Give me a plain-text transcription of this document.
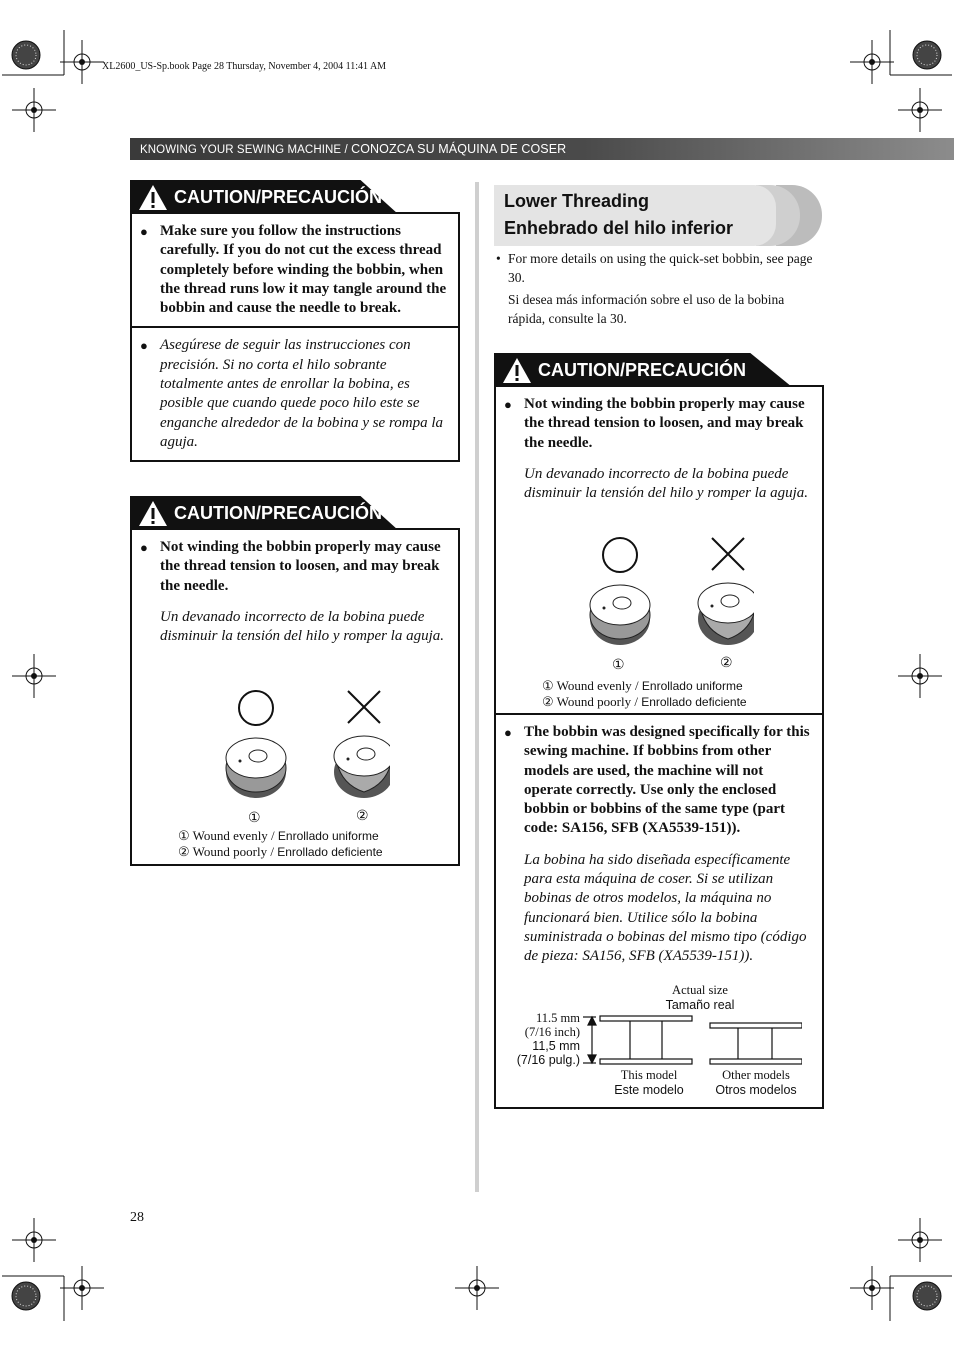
XL2600_US-Sp.book Page 28 Thursday, November 4, 2004 11:41 AM
KNOWING YOUR SEWING MACHINE / CONOZCA SU MÁQUINA DE COSER
CAUTION/PRECAUCIÓN
● Make sure you follow the instructions carefully. If you do not cut the excess thread completely before winding the bobbin, when the thread runs low it may tangle around the bobbin and cause the needle to break.
● Asegúrese de seguir las instrucciones con precisión. Si no corta el hilo sobrante totalmente antes de enrollar la bobina, es posible que cuando quede poco hilo este se enganche alrededor de la bobina y se rompa la aguja.
CAUTION/PRECAUCIÓN
● Not winding the bobbin properly may cause the thread tension to loosen, and may break the needle.
Un devanado incorrecto de la bobina puede disminuir la tensión del hilo y romper la aguja.
①	②
① Wound evenly / Enrollado uniforme
② Wound poorly / Enrollado deficiente
Lower Threading
Enhebrado del hilo inferior
• For more details on using the quick-set bobbin, see page 30.
Si desea más información sobre el uso de la bobina rápida, consulte la 30.
CAUTION/PRECAUCIÓN
● Not winding the bobbin properly may cause the thread tension to loosen, and may break the needle.
Un devanado incorrecto de la bobina puede disminuir la tensión del hilo y romper la aguja.
①	②
① Wound evenly / Enrollado uniforme
② Wound poorly / Enrollado deficiente
● The bobbin was designed specifically for this sewing machine. If bobbins from other models are used, the machine will not operate correctly. Use only the enclosed bobbin or bobbins of the same type (part code: SA156, SFB (XA5539-151)).
La bobina ha sido diseñada específicamente para esta máquina de coser. Si se utilizan bobinas de otros modelos, la máquina no funcionará bien. Utilice sólo la bobina suministrada o bobinas del mismo tipo (código de pieza: SA156, SFB (XA5539-151)).
Actual size
Tamaño real
11.5 mm
(7/16 inch)
11,5 mm
(7/16 pulg.)
This model
Este modelo
Other models
Otros modelos
28
